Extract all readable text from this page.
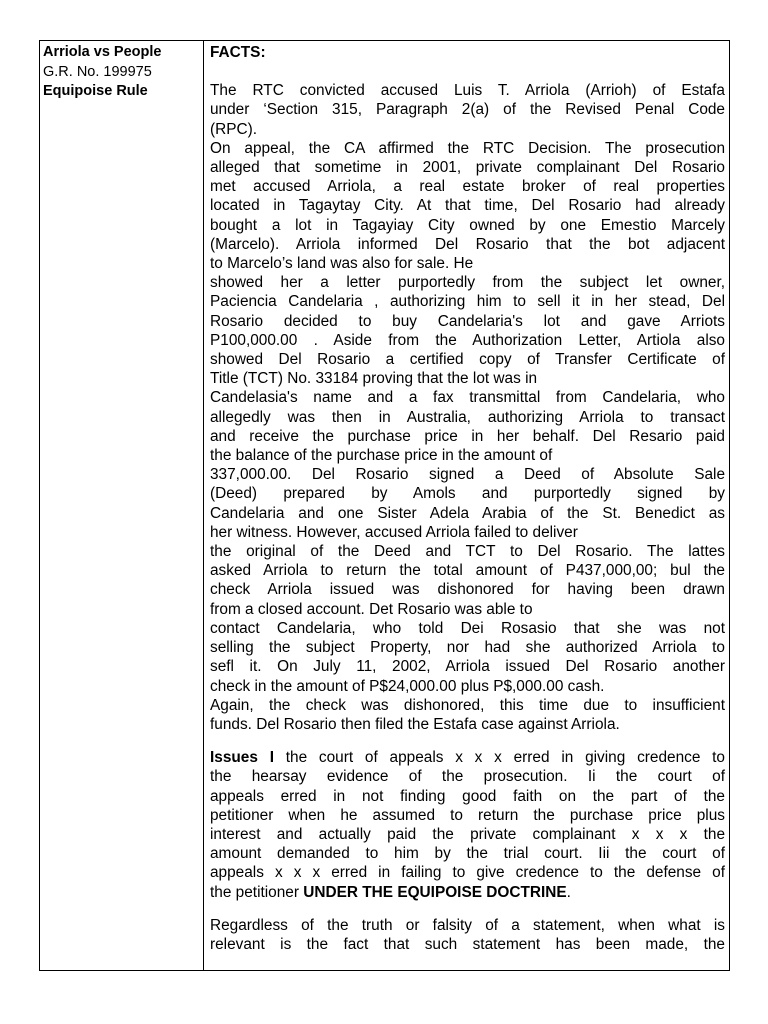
Arriola vs People
G.R. No. 199975
Equipoise Rule
FACTS:
The RTC convicted accused Luis T. Arriola (Arrioh) of Estafa
under ‘Section 315, Paragraph 2(a) of the Revised Penal Code
(RPC).
On appeal, the CA affirmed the RTC Decision. The prosecution
alleged that sometime in 2001, private complainant Del Rosario
met accused Arriola, a real estate broker of real properties
located in Tagaytay City. At that time, Del Rosario had already
bought a lot in Tagayiay City owned by one Emestio Marcely
(Marcelo). Arriola informed Del Rosario that the bot adjacent
to Marcelo’s land was also for sale. He
showed her a letter purportedly from the subject let owner,
Paciencia Candelaria , authorizing him to sell it in her stead, Del
Rosario decided to buy Candelaria's lot and gave Arriots
P100,000.00 . Aside from the Authorization Letter, Artiola also
showed Del Rosario a certified copy of Transfer Certificate of
Title (TCT) No. 33184 proving that the lot was in
Candelasia's name and a fax transmittal from Candelaria, who
allegedly was then in Australia, authorizing Arriola to transact
and receive the purchase price in her behalf. Del Resario paid
the balance of the purchase price in the amount of
337,000.00. Del Rosario signed a Deed of Absolute Sale
(Deed) prepared by Amols and purportedly signed by
Candelaria and one Sister Adela Arabia of the St. Benedict as
her witness. However, accused Arriola failed to deliver
the original of the Deed and TCT to Del Rosario. The lattes
asked Arriola to return the total amount of P437,000,00; bul the
check Arriola issued was dishonored for having been drawn
from a closed account. Det Rosario was able to
contact Candelaria, who told Dei Rosasio that she was not
selling the subject Property, nor had she authorized Arriola to
sefl it. On July 11, 2002, Arriola issued Del Rosario another
check in the amount of P$24,000.00 plus P$,000.00 cash.
Again, the check was dishonored, this time due to insufficient
funds. Del Rosario then filed the Estafa case against Arriola.
Issues I the court of appeals x x x erred in giving credence to
the hearsay evidence of the prosecution. Ii the court of
appeals erred in not finding good faith on the part of the
petitioner when he assumed to return the purchase price plus
interest and actually paid the private complainant x x x the
amount demanded to him by the trial court. Iii the court of
appeals x x x erred in failing to give credence to the defense of
the petitioner UNDER THE EQUIPOISE DOCTRINE.
Regardless of the truth or falsity of a statement, when what is
relevant is the fact that such statement has been made, the
